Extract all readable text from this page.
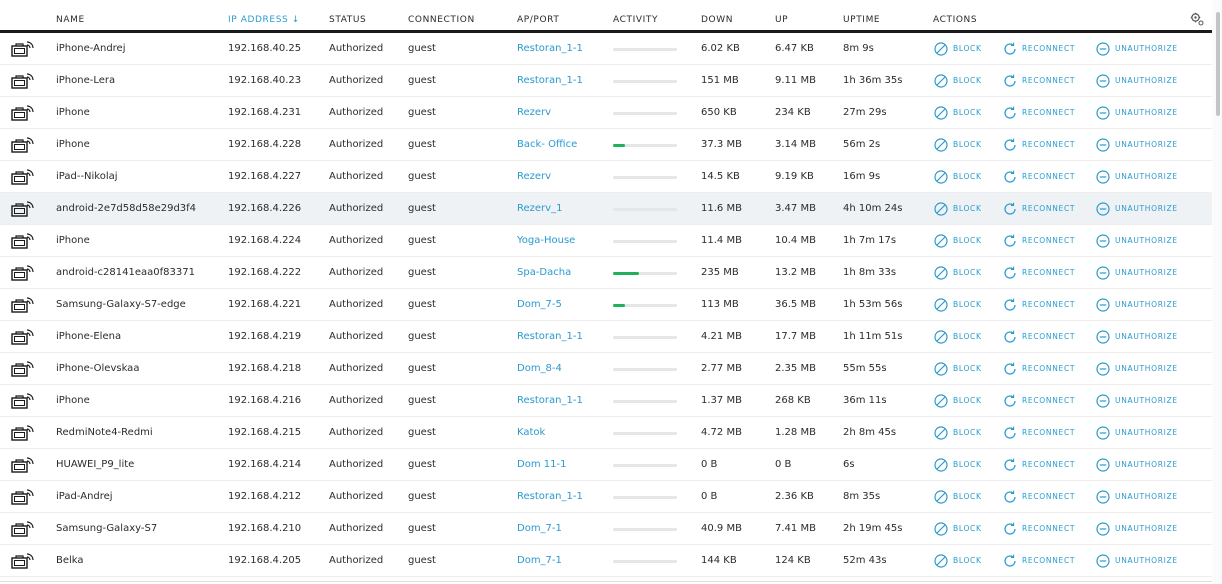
NAME	IP ADDRESS ↓	STATUS	CONNECTION	AP/PORT	ACTIVITY	DOWN	UP	UPTIME	ACTIONS
iPhone-Andrej	192.168.40.25	Authorized guest	Restoran_1-1	6.02 KB	6.47 KB	8m 9s	BLOCK	RECONNECT	UNAUTHORIZE
iPhone-Lera	192.168.40.23	Authorized guest	Restoran_1-1	151 MB	9.11 MB	1h 36m 35s	BLOCK	RECONNECT	UNAUTHORIZE
iPhone	192.168.4.231	Authorized guest	Rezerv	650 KB	234 KB	27m 29s	BLOCK	RECONNECT	UNAUTHORIZE
iPhone	192.168.4.228	Authorized guest	Back- Office	37.3 MB	3.14 MB	56m 2s	BLOCK	RECONNECT	UNAUTHORIZE
iPad--Nikolaj	192.168.4.227	Authorized guest	Rezerv	14.5 KB	9.19 KB	16m 9s	BLOCK	RECONNECT	UNAUTHORIZE
android-2e7d58d58e29d3f4	192.168.4.226	Authorized guest	Rezerv_1	11.6 MB	3.47 MB	4h 10m 24s	BLOCK	RECONNECT	UNAUTHORIZE
iPhone	192.168.4.224	Authorized guest	Yoga-House	11.4 MB	10.4 MB	1h 7m 17s	BLOCK	RECONNECT	UNAUTHORIZE
android-c28141eaa0f83371	192.168.4.222	Authorized guest	Spa-Dacha	235 MB	13.2 MB	1h 8m 33s	BLOCK	RECONNECT	UNAUTHORIZE
Samsung-Galaxy-S7-edge	192.168.4.221	Authorized guest	Dom_7-5	113 MB	36.5 MB	1h 53m 56s	BLOCK	RECONNECT	UNAUTHORIZE
iPhone-Elena	192.168.4.219	Authorized guest	Restoran_1-1	4.21 MB	17.7 MB	1h 11m 51s	BLOCK	RECONNECT	UNAUTHORIZE
iPhone-Olevskaa	192.168.4.218	Authorized guest	Dom_8-4	2.77 MB	2.35 MB	55m 55s	BLOCK	RECONNECT	UNAUTHORIZE
iPhone	192.168.4.216	Authorized guest	Restoran_1-1	1.37 MB	268 KB	36m 11s	BLOCK	RECONNECT	UNAUTHORIZE
RedmiNote4-Redmi	192.168.4.215	Authorized guest	Katok	4.72 MB	1.28 MB	2h 8m 45s	BLOCK	RECONNECT	UNAUTHORIZE
HUAWEI_P9_lite	192.168.4.214	Authorized guest	Dom 11-1	0 B	0 B	6s	BLOCK	RECONNECT	UNAUTHORIZE
iPad-Andrej	192.168.4.212	Authorized guest	Restoran_1-1	0 B	2.36 KB	8m 35s	BLOCK	RECONNECT	UNAUTHORIZE
Samsung-Galaxy-S7	192.168.4.210	Authorized guest	Dom_7-1	40.9 MB	7.41 MB	2h 19m 45s	BLOCK	RECONNECT	UNAUTHORIZE
Belka	192.168.4.205	Authorized guest	Dom_7-1	144 KB	124 KB	52m 43s	BLOCK	RECONNECT	UNAUTHORIZE
